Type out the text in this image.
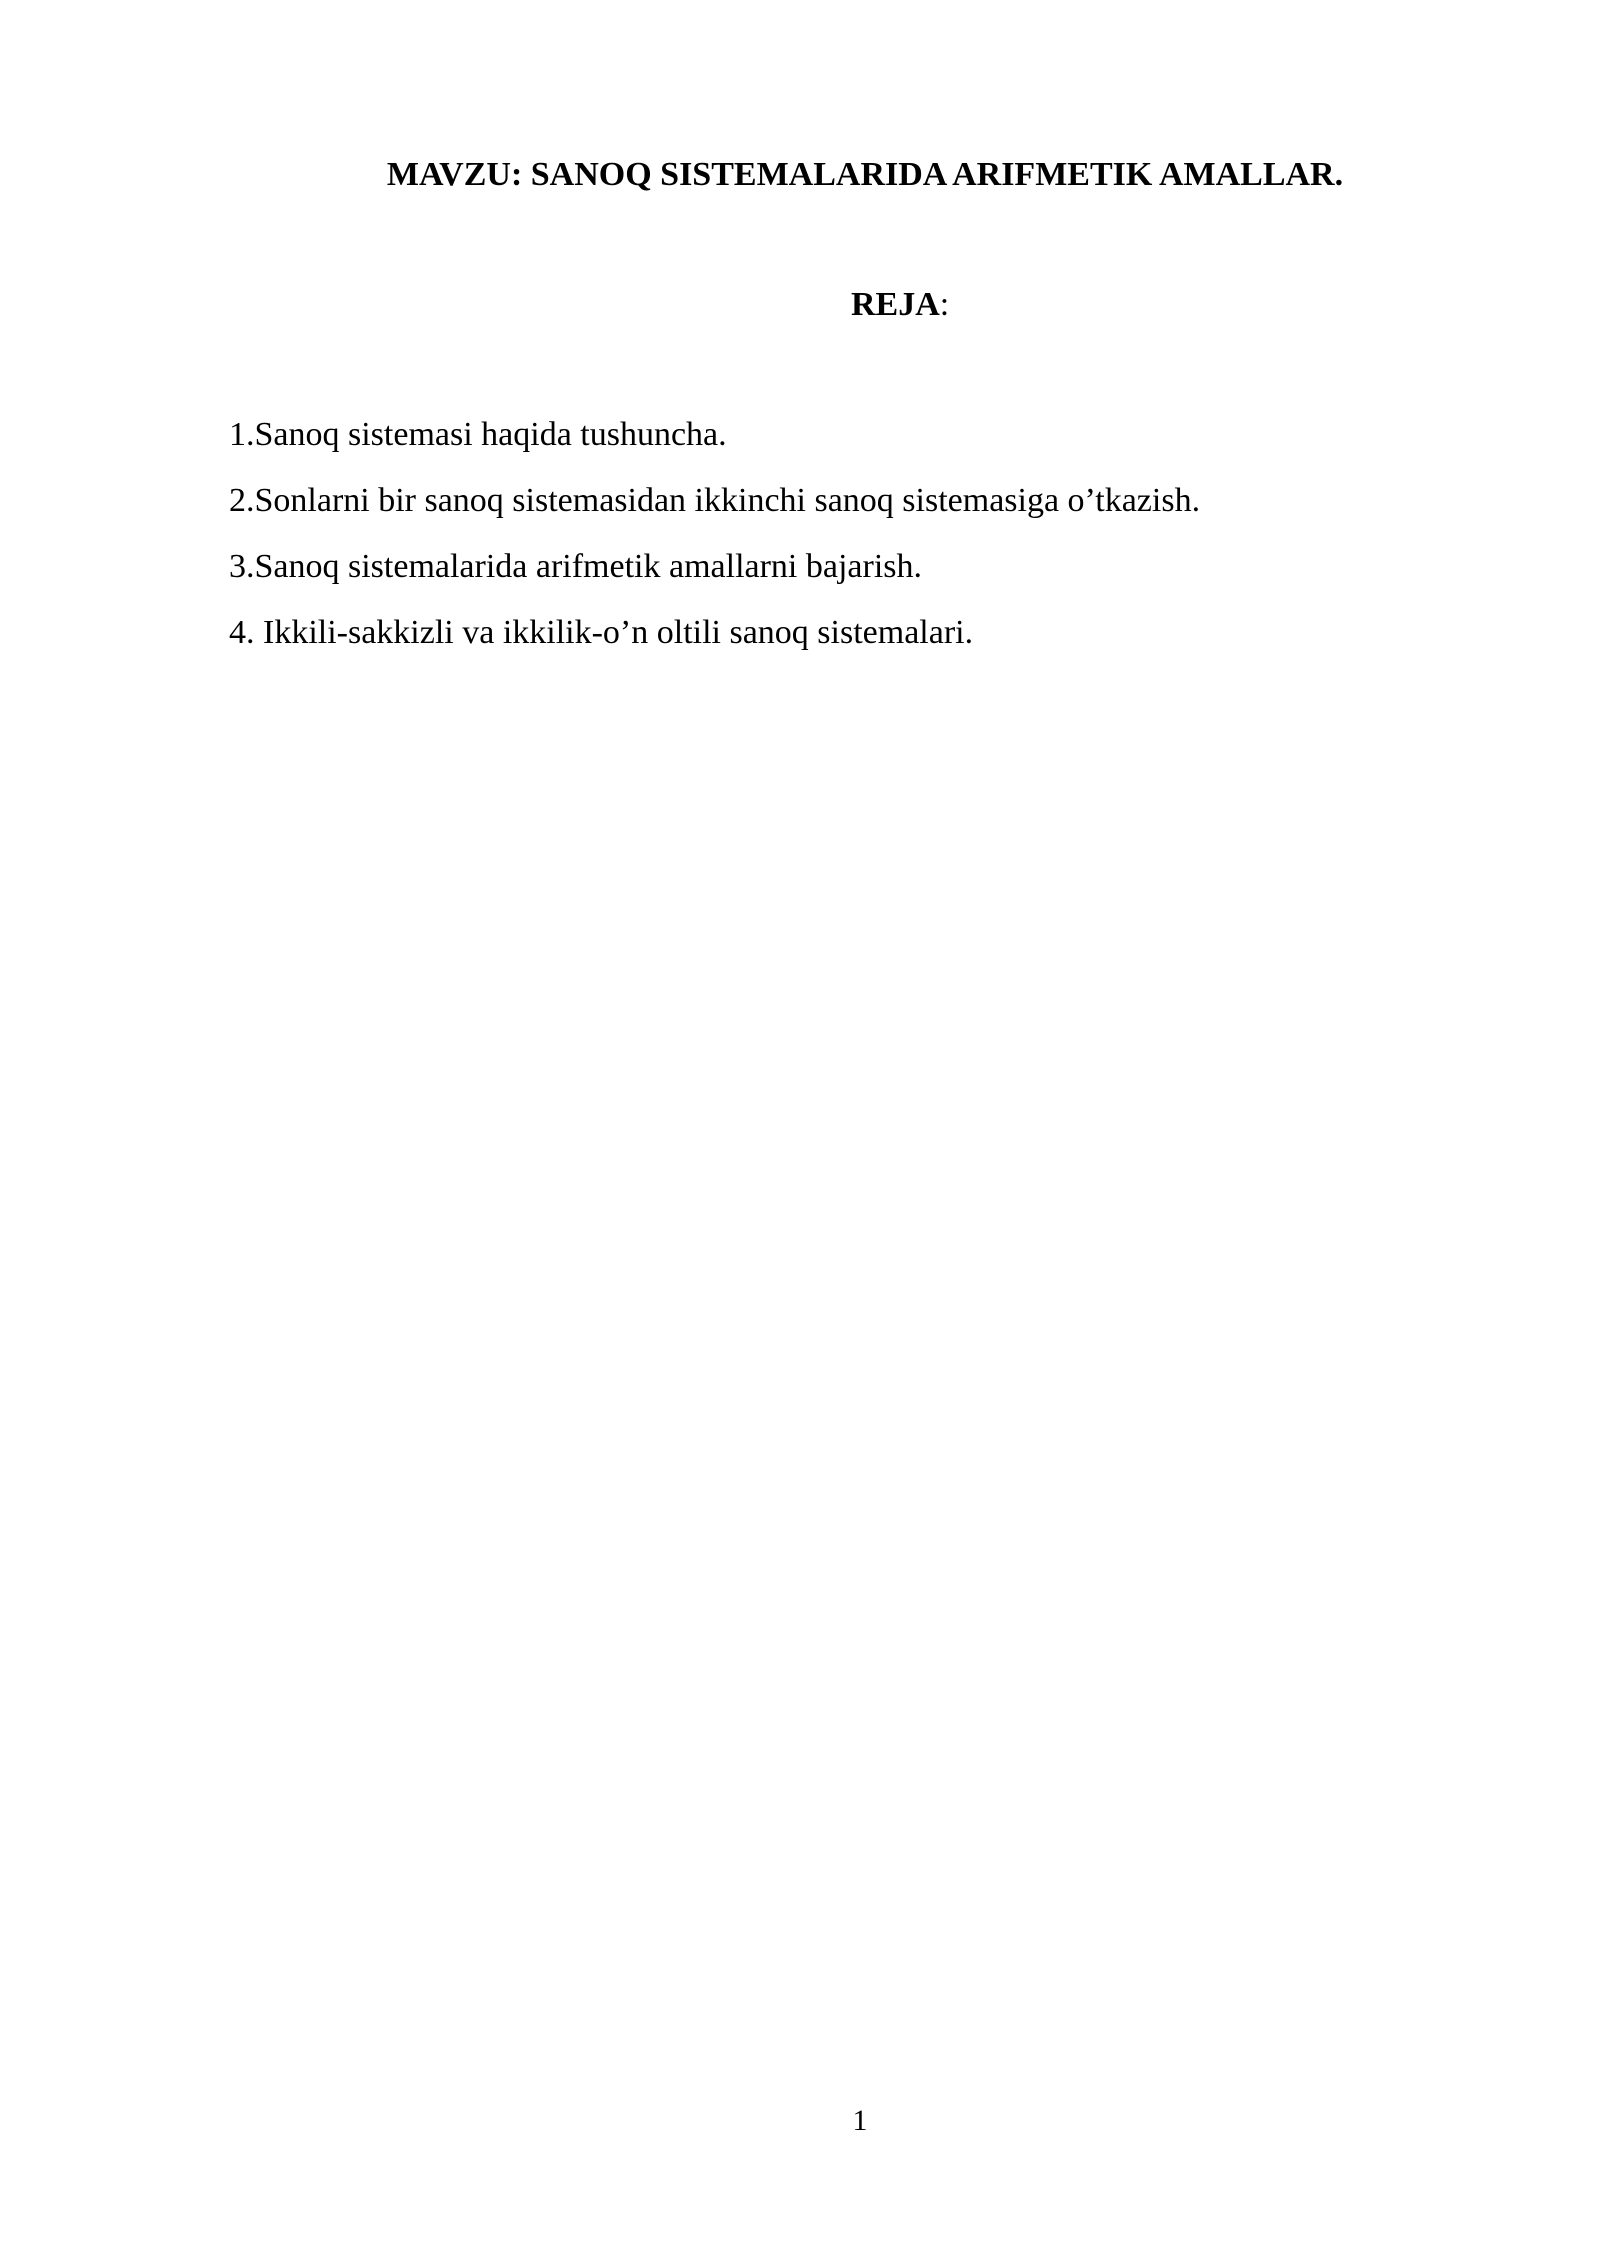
MAVZU: SANOQ SISTEMALARIDA ARIFMETIK AMALLAR.
REJA:
1.Sanoq sistemasi haqida tushuncha.
2.Sonlarni bir sanoq sistemasidan ikkinchi sanoq sistemasiga o’tkazish.
3.Sanoq sistemalarida arifmetik amallarni bajarish.
4. Ikkili-sakkizli va ikkilik-o’n oltili sanoq sistemalari.
1
